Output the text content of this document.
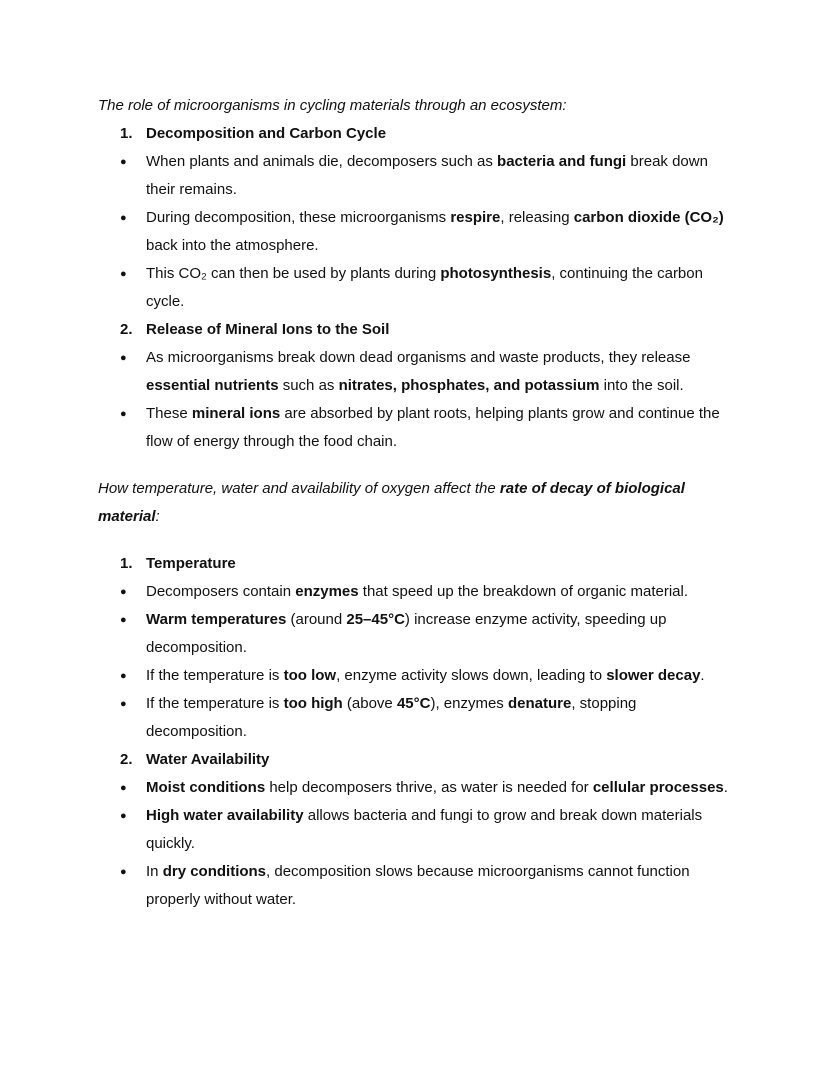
The role of microorganisms in cycling materials through an ecosystem:
1. Decomposition and Carbon Cycle
● When plants and animals die, decomposers such as bacteria and fungi break down
their remains.
● During decomposition, these microorganisms respire, releasing carbon dioxide (CO₂)
back into the atmosphere.
● This CO₂ can then be used by plants during photosynthesis, continuing the carbon
cycle.
2. Release of Mineral Ions to the Soil
● As microorganisms break down dead organisms and waste products, they release
essential nutrients such as nitrates, phosphates, and potassium into the soil.
● These mineral ions are absorbed by plant roots, helping plants grow and continue the
flow of energy through the food chain.
How temperature, water and availability of oxygen affect the rate of decay of biological
material:
1. Temperature
● Decomposers contain enzymes that speed up the breakdown of organic material.
● Warm temperatures (around 25–45°C) increase enzyme activity, speeding up
decomposition.
● If the temperature is too low, enzyme activity slows down, leading to slower decay.
● If the temperature is too high (above 45°C), enzymes denature, stopping
decomposition.
2. Water Availability
● Moist conditions help decomposers thrive, as water is needed for cellular processes.
● High water availability allows bacteria and fungi to grow and break down materials
quickly.
● In dry conditions, decomposition slows because microorganisms cannot function
properly without water.
